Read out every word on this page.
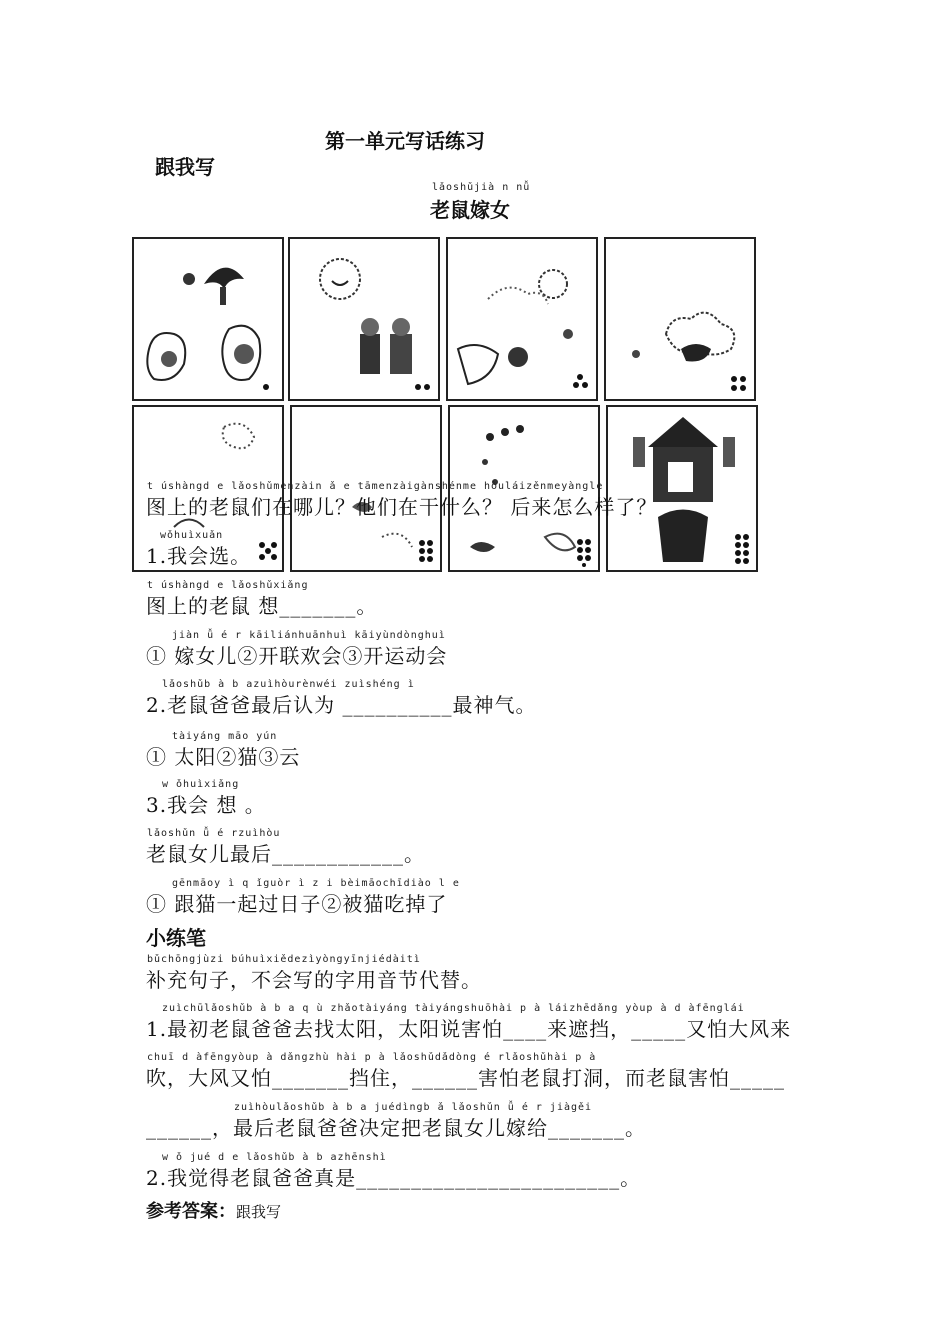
第一单元写话练习
跟我写
lǎoshǔjià n nǚ
老鼠嫁女
t úshàngd e lǎoshǔmenzàin ǎ e tāmenzàigànshénme hòuláizěnmeyàngle
图上的老鼠们在哪儿？他们在干什么？ 后来怎么样了？
wǒhuìxuǎn
1.我会选。
t úshàngd e lǎoshǔxiǎng
图上的老鼠 想_______。
jiàn ǚ é r kāiliánhuānhuì kāiyùndònghuì
① 嫁女儿②开联欢会③开运动会
lǎoshǔb à b azuìhòurènwéi zuìshéng ì
2.老鼠爸爸最后认为 __________最神气。
tàiyáng māo yún
① 太阳②猫③云
w ǒhuìxiǎng
3.我会 想 。
lǎoshǔn ǚ é rzuìhòu
老鼠女儿最后____________。
gēnmāoy ì q ǐguòr ì z i bèimāochīdiào l e
① 跟猫一起过日子②被猫吃掉了
小练笔
bǔchōngjùzi búhuìxiědezìyòngyīnjiédàitì
补充句子，不会写的字用音节代替。
zuìchūlǎoshǔb à b a q ù zhǎotàiyáng tàiyángshuōhài p à láizhēdǎng yòup à d àfēnglái
1.最初老鼠爸爸去找太阳，太阳说害怕____来遮挡，_____又怕大风来
chuī d àfēngyòup à dǎngzhù hài p à lǎoshǔdǎdòng é rlǎoshǔhài p à
吹，大风又怕_______挡住，______害怕老鼠打洞，而老鼠害怕_____
zuìhòulǎoshǔb à b a juédìngb ǎ lǎoshǔn ǚ é r jiàgěi
______，最后老鼠爸爸决定把老鼠女儿嫁给_______。
w ǒ jué d e lǎoshǔb à b azhēnshì
2.我觉得老鼠爸爸真是________________________。
参考答案：跟我写
